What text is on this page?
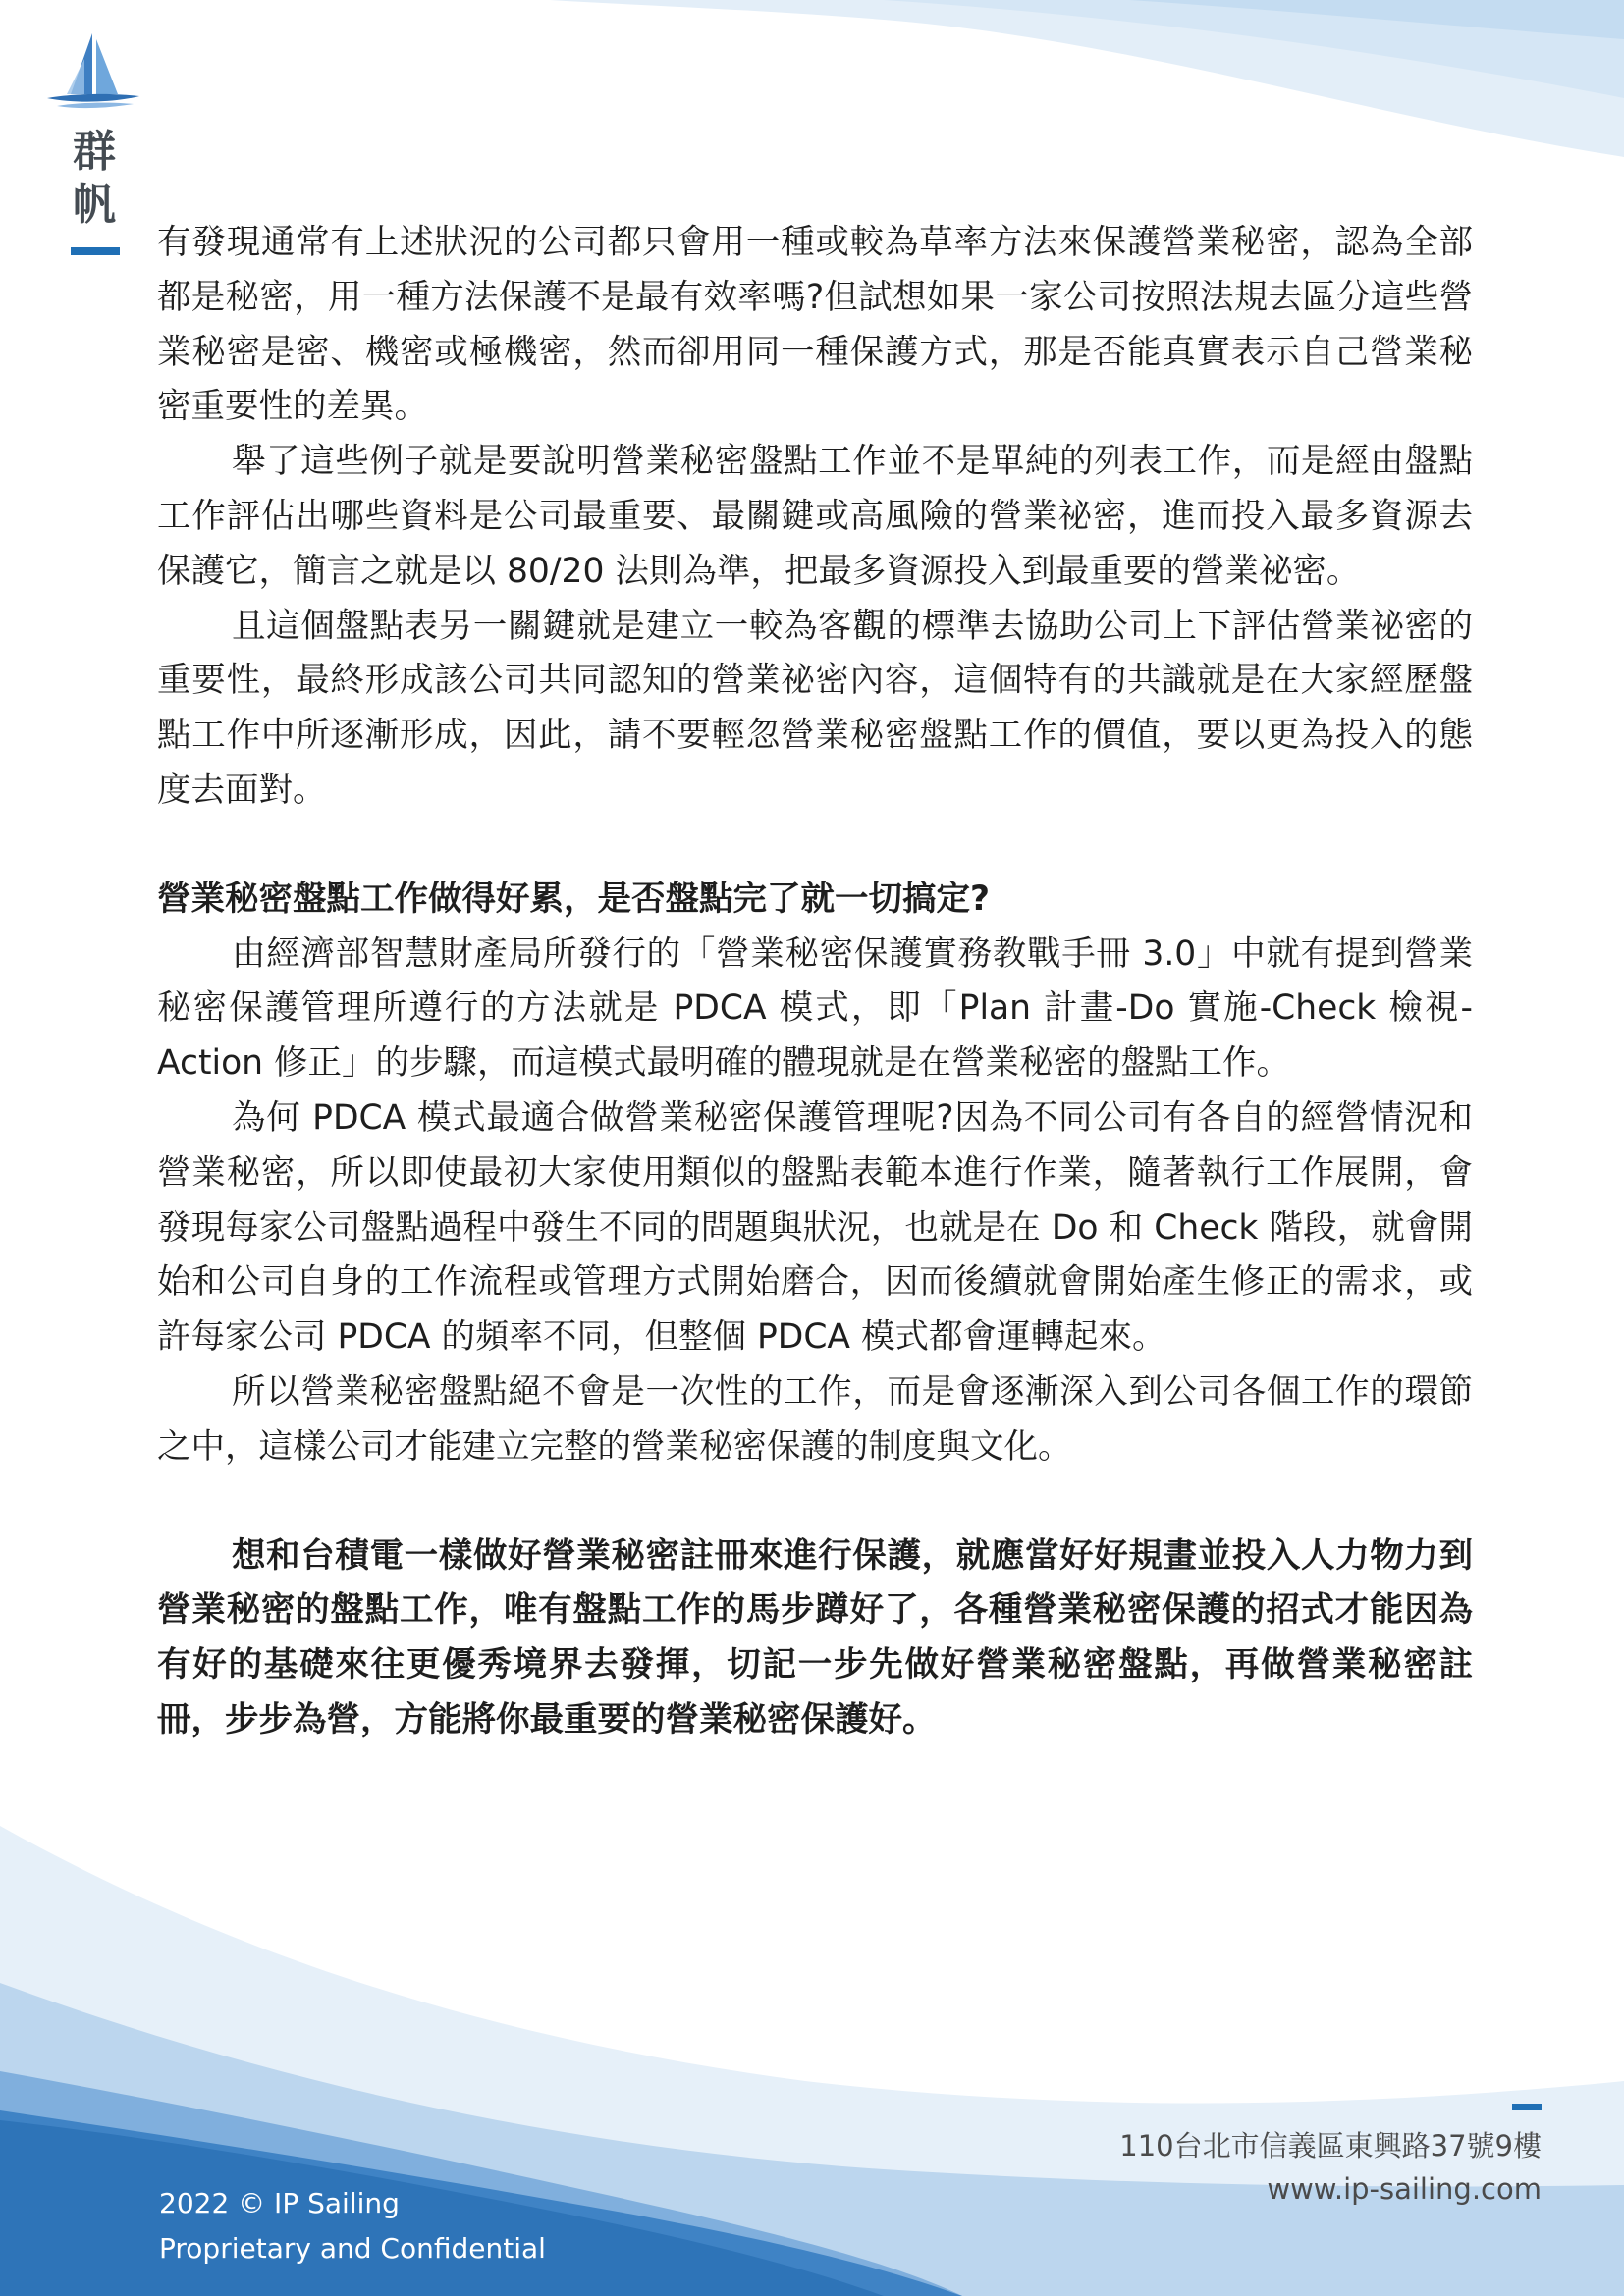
群
帆

有發現通常有上述狀況的公司都只會用一種或較為草率方法來保護營業秘密，認為全部都是秘密，用一種方法保護不是最有效率嗎?但試想如果一家公司按照法規去區分這些營業秘密是密、機密或極機密，然而卻用同一種保護方式，那是否能真實表示自己營業秘密重要性的差異。

舉了這些例子就是要說明營業秘密盤點工作並不是單純的列表工作，而是經由盤點工作評估出哪些資料是公司最重要、最關鍵或高風險的營業祕密，進而投入最多資源去保護它，簡言之就是以 80/20 法則為準，把最多資源投入到最重要的營業祕密。

且這個盤點表另一關鍵就是建立一較為客觀的標準去協助公司上下評估營業祕密的重要性，最終形成該公司共同認知的營業祕密內容，這個特有的共識就是在大家經歷盤點工作中所逐漸形成，因此，請不要輕忽營業秘密盤點工作的價值，要以更為投入的態度去面對。

營業秘密盤點工作做得好累，是否盤點完了就一切搞定?

由經濟部智慧財產局所發行的「營業秘密保護實務教戰手冊 3.0」中就有提到營業秘密保護管理所遵行的方法就是 PDCA 模式，即「Plan 計畫-Do 實施-Check 檢視-Action 修正」的步驟，而這模式最明確的體現就是在營業秘密的盤點工作。

為何 PDCA 模式最適合做營業秘密保護管理呢?因為不同公司有各自的經營情況和營業秘密，所以即使最初大家使用類似的盤點表範本進行作業，隨著執行工作展開，會發現每家公司盤點過程中發生不同的問題與狀況，也就是在 Do 和 Check 階段，就會開始和公司自身的工作流程或管理方式開始磨合，因而後續就會開始產生修正的需求，或許每家公司 PDCA 的頻率不同，但整個 PDCA 模式都會運轉起來。

所以營業秘密盤點絕不會是一次性的工作，而是會逐漸深入到公司各個工作的環節之中，這樣公司才能建立完整的營業秘密保護的制度與文化。

想和台積電一樣做好營業秘密註冊來進行保護，就應當好好規畫並投入人力物力到營業秘密的盤點工作，唯有盤點工作的馬步蹲好了，各種營業秘密保護的招式才能因為有好的基礎來往更優秀境界去發揮，切記一步先做好營業秘密盤點，再做營業秘密註冊，步步為營，方能將你最重要的營業秘密保護好。

110台北市信義區東興路37號9樓
www.ip-sailing.com
2022 © IP Sailing
Proprietary and Confidential
